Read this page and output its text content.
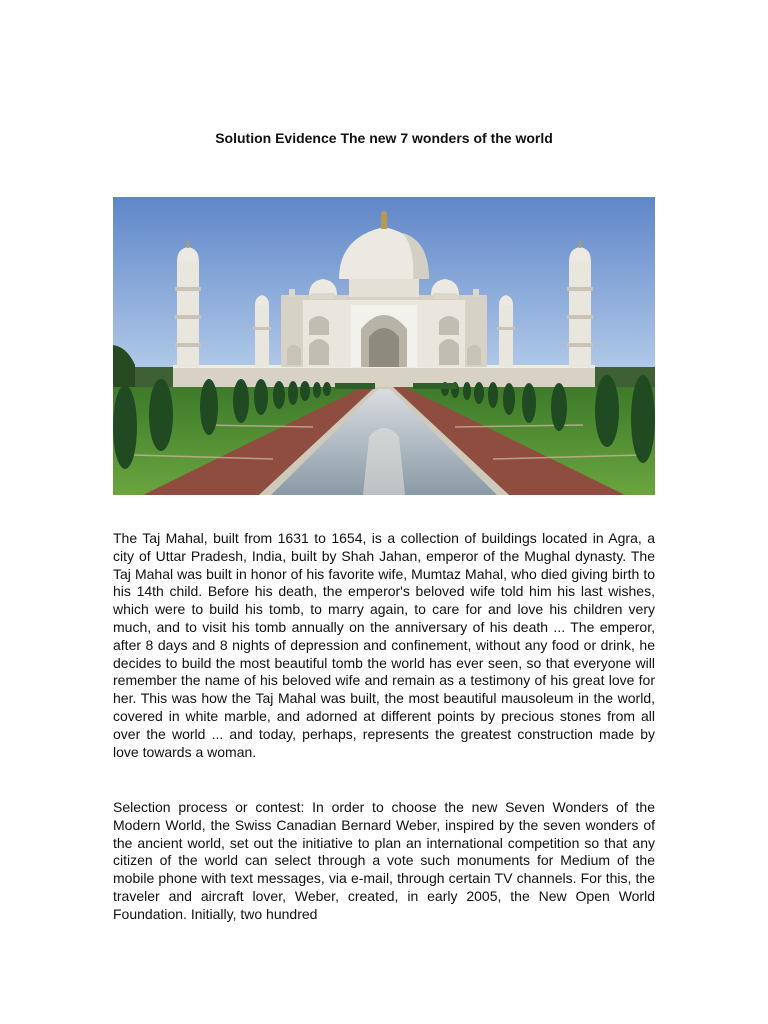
Solution Evidence The new 7 wonders of the world

The Taj Mahal, built from 1631 to 1654, is a collection of buildings located in Agra, a city of Uttar Pradesh, India, built by Shah Jahan, emperor of the Mughal dynasty. The Taj Mahal was built in honor of his favorite wife, Mumtaz Mahal, who died giving birth to his 14th child. Before his death, the emperor's beloved wife told him his last wishes, which were to build his tomb, to marry again, to care for and love his children very much, and to visit his tomb annually on the anniversary of his death ... The emperor, after 8 days and 8 nights of depression and confinement, without any food or drink, he decides to build the most beautiful tomb the world has ever seen, so that everyone will remember the name of his beloved wife and remain as a testimony of his great love for her. This was how the Taj Mahal was built, the most beautiful mausoleum in the world, covered in white marble, and adorned at different points by precious stones from all over the world ... and today, perhaps, represents the greatest construction made by love towards a woman.

Selection process or contest: In order to choose the new Seven Wonders of the Modern World, the Swiss Canadian Bernard Weber, inspired by the seven wonders of the ancient world, set out the initiative to plan an international competition so that any citizen of the world can select through a vote such monuments for Medium of the mobile phone with text messages, via e-mail, through certain TV channels. For this, the traveler and aircraft lover, Weber, created, in early 2005, the New Open World Foundation. Initially, two hundred
